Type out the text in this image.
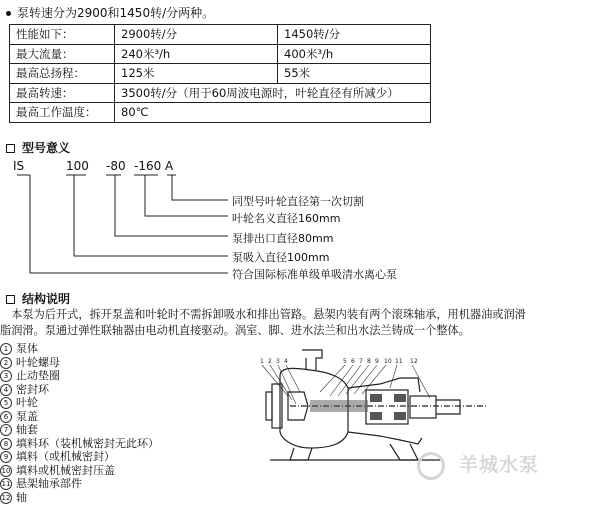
泵转速分为2900和1450转/分两种。
性能如下：	2900转/分	1450转/分
最大流量：	240米³/h	400米³/h
最高总扬程：	125米	55米
最高转速：	3500转/分（用于60周波电源时，叶轮直径有所减少）	
最高工作温度：	80℃	
型号意义
IS	100 -80 -160 A
同型号叶轮直径第一次切割
叶轮名义直径160mm
泵排出口直径80mm
泵吸入直径100mm
符合国际标准单级单吸清水离心泵
结构说明
　本泵为后开式，拆开泵盖和叶轮时不需拆卸吸水和排出管路。悬架内装有两个滚珠轴承，用机器油或润滑
脂润滑。泵通过弹性联轴器由电动机直接驱动。涡室、脚、进水法兰和出水法兰铸成一个整体。
1 泵体
2 叶轮螺母
3 止动垫圈
4 密封环
5 叶轮
6 泵盖
7 轴套
8 填料环（装机械密封无此环）
9 填料（或机械密封）
10 填料或机械密封压盖
11 悬架轴承部件
12 轴
1 2 3 4	5 6 7 8 9 10 11 12
羊城水泵
